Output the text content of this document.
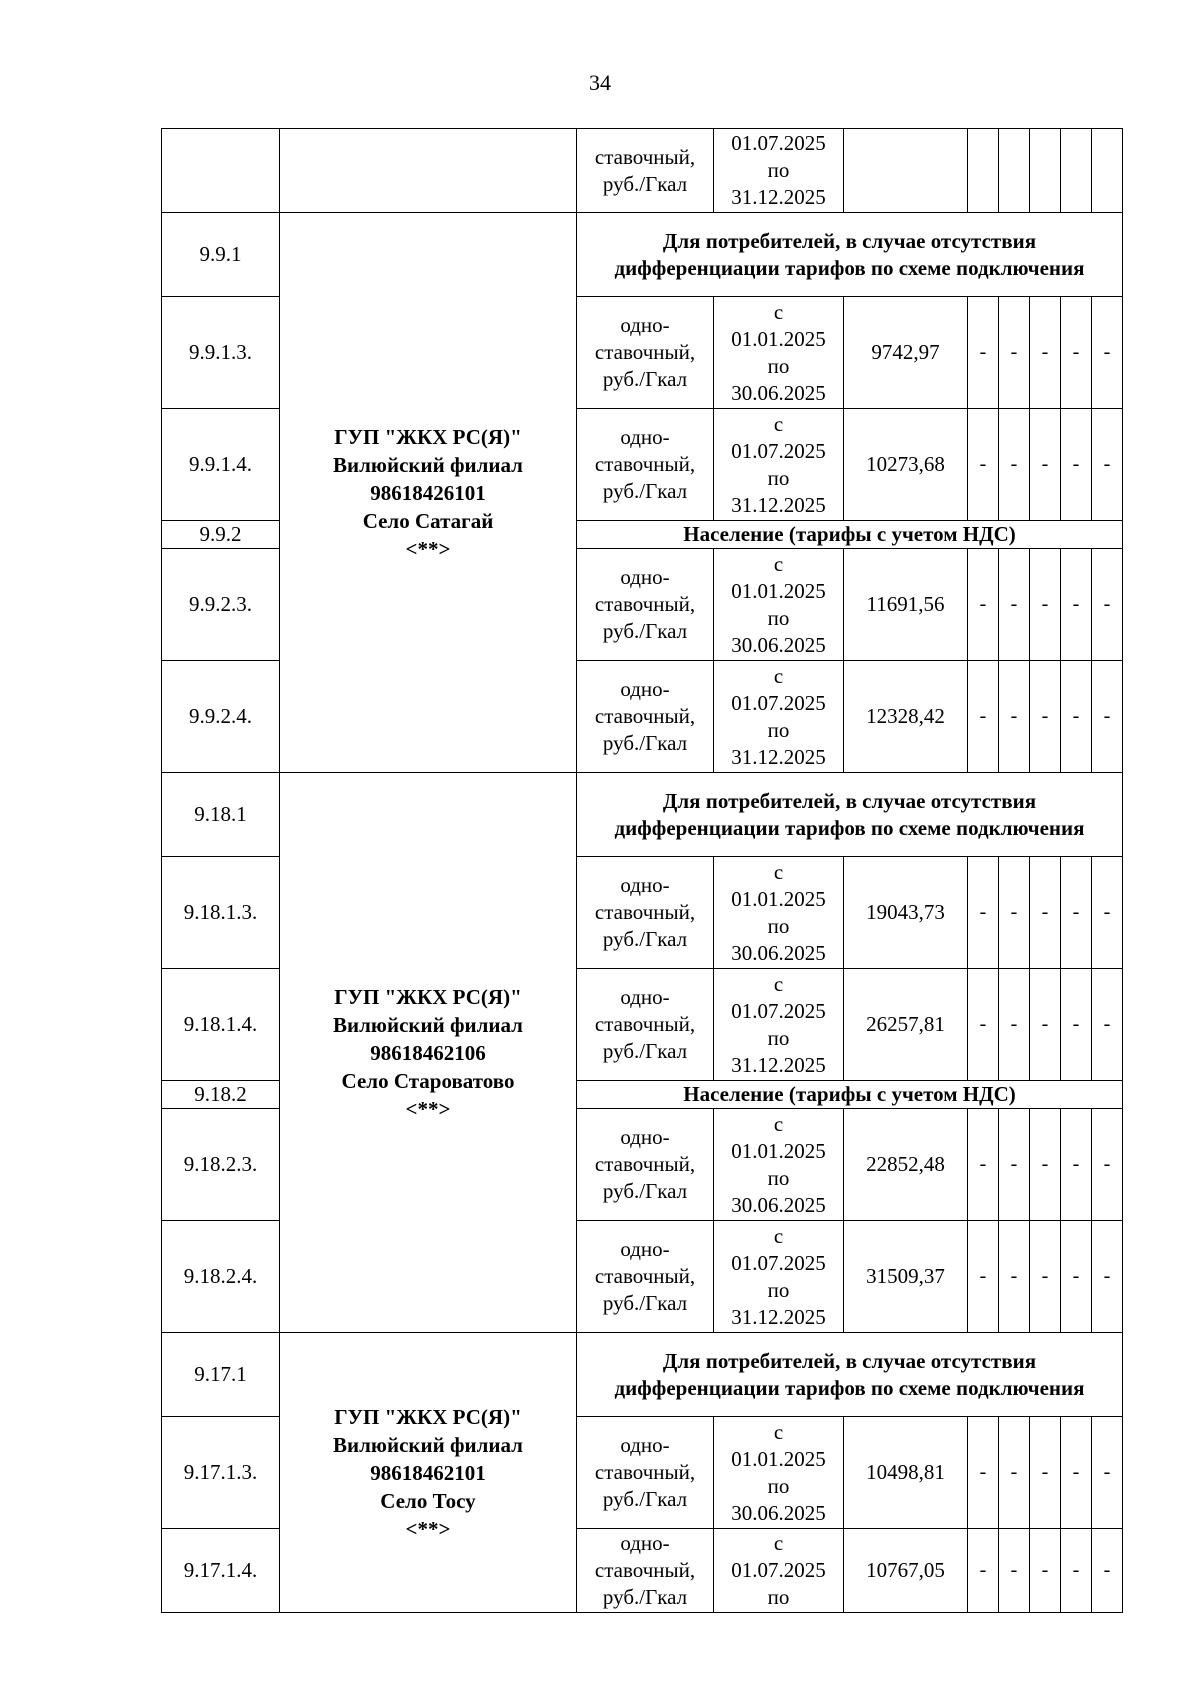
34
		ставочный,
руб./Гкал	01.07.2025
по
31.12.2025						
9.9.1	ГУП "ЖКХ РС(Я)"
Вилюйский филиал
98618426101
Село Сатагай
<**>	Для потребителей, в случае отсутствия дифференциации тарифов по схеме подключения							
9.9.1.3.		одно-
ставочный,
руб./Гкал	с
01.01.2025
по
30.06.2025	9742,97	-	-	-	-	-
9.9.1.4.		одно-
ставочный,
руб./Гкал	с
01.07.2025
по
31.12.2025	10273,68	-	-	-	-	-
9.9.2		Население (тарифы с учетом НДС)							
9.9.2.3.		одно-
ставочный,
руб./Гкал	с
01.01.2025
по
30.06.2025	11691,56	-	-	-	-	-
9.9.2.4.		одно-
ставочный,
руб./Гкал	с
01.07.2025
по
31.12.2025	12328,42	-	-	-	-	-
9.18.1	ГУП "ЖКХ РС(Я)"
Вилюйский филиал
98618462106
Село Староватово
<**>	Для потребителей, в случае отсутствия дифференциации тарифов по схеме подключения							
9.18.1.3.		одно-
ставочный,
руб./Гкал	с
01.01.2025
по
30.06.2025	19043,73	-	-	-	-	-
9.18.1.4.		одно-
ставочный,
руб./Гкал	с
01.07.2025
по
31.12.2025	26257,81	-	-	-	-	-
9.18.2		Население (тарифы с учетом НДС)							
9.18.2.3.		одно-
ставочный,
руб./Гкал	с
01.01.2025
по
30.06.2025	22852,48	-	-	-	-	-
9.18.2.4.		одно-
ставочный,
руб./Гкал	с
01.07.2025
по
31.12.2025	31509,37	-	-	-	-	-
9.17.1	ГУП "ЖКХ РС(Я)"
Вилюйский филиал
98618462101
Село Тосу
<**>	Для потребителей, в случае отсутствия дифференциации тарифов по схеме подключения							
9.17.1.3.		одно-
ставочный,
руб./Гкал	с
01.01.2025
по
30.06.2025	10498,81	-	-	-	-	-
9.17.1.4.		одно-
ставочный,
руб./Гкал	с
01.07.2025
по	10767,05	-	-	-	-	-
